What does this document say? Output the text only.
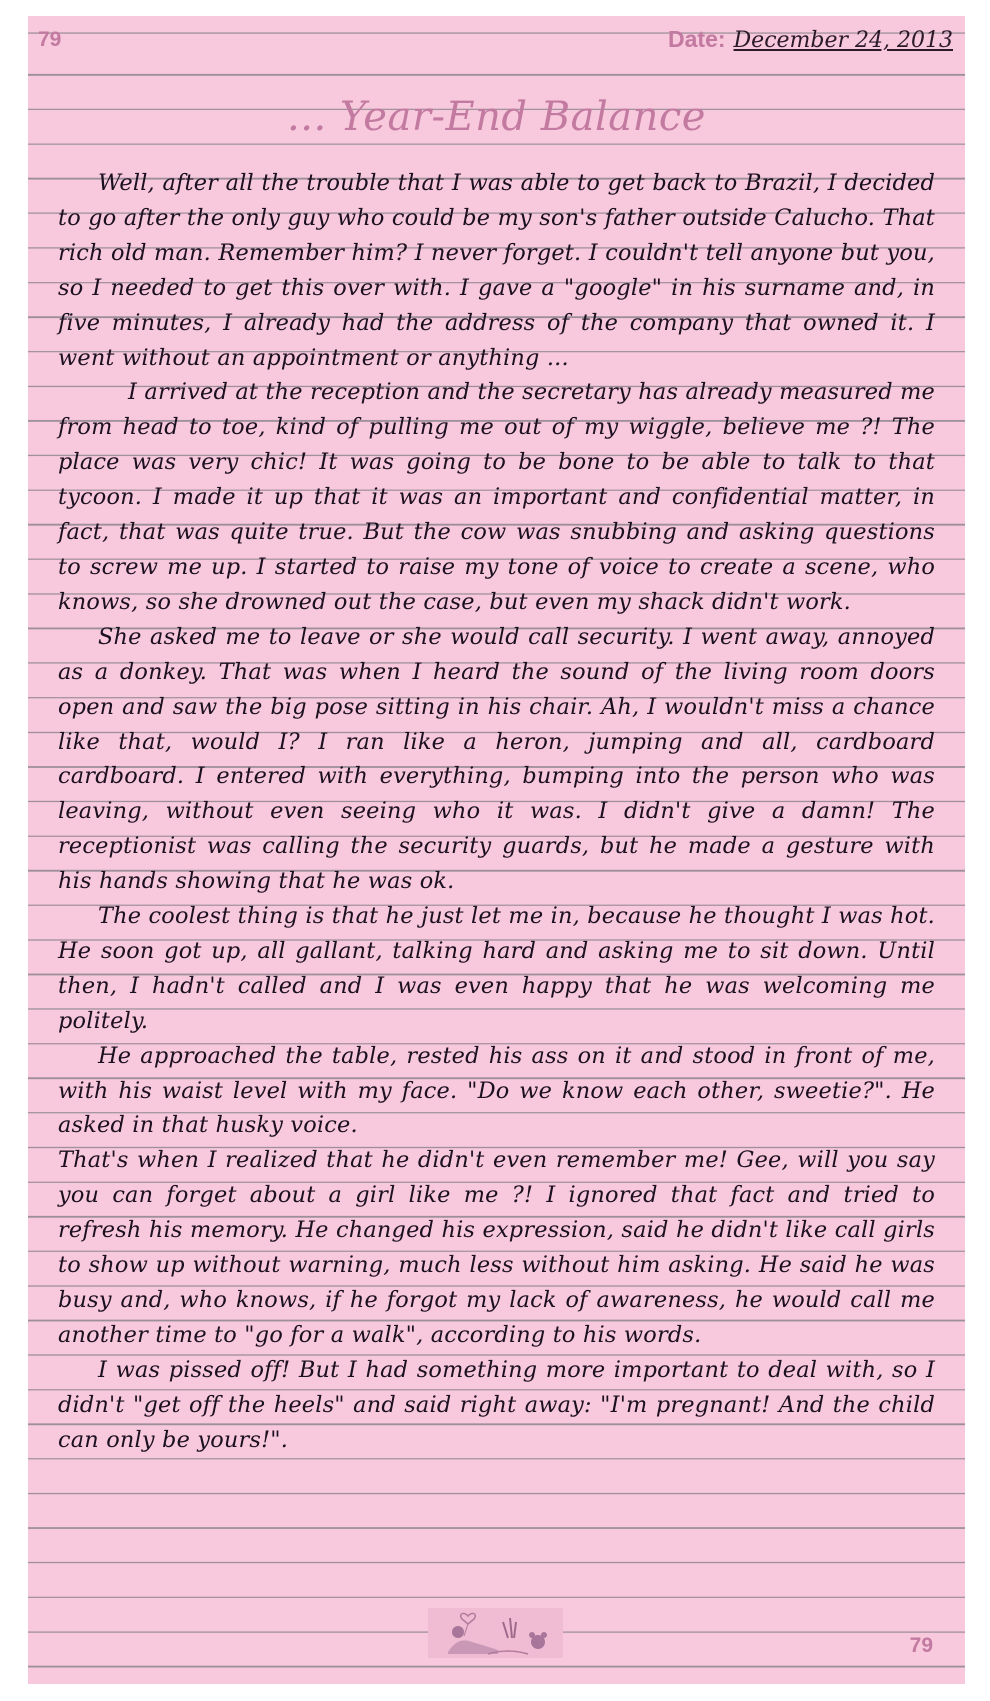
79	Date: December 24, 2013
... Year-End Balance

Well, after all the trouble that I was able to get back to Brazil, I decided to go after the only guy who could be my son's father outside Calucho. That rich old man. Remember him? I never forget. I couldn't tell anyone but you, so I needed to get this over with. I gave a "google" in his surname and, in five minutes, I already had the address of the company that owned it. I went without an appointment or anything ...

I arrived at the reception and the secretary has already measured me from head to toe, kind of pulling me out of my wiggle, believe me ?! The place was very chic! It was going to be bone to be able to talk to that tycoon. I made it up that it was an important and confidential matter, in fact, that was quite true. But the cow was snubbing and asking questions to screw me up. I started to raise my tone of voice to create a scene, who knows, so she drowned out the case, but even my shack didn't work.

She asked me to leave or she would call security. I went away, annoyed as a donkey. That was when I heard the sound of the living room doors open and saw the big pose sitting in his chair. Ah, I wouldn't miss a chance like that, would I? I ran like a heron, jumping and all, cardboard cardboard. I entered with everything, bumping into the person who was leaving, without even seeing who it was. I didn't give a damn! The receptionist was calling the security guards, but he made a gesture with his hands showing that he was ok.

The coolest thing is that he just let me in, because he thought I was hot. He soon got up, all gallant, talking hard and asking me to sit down. Until then, I hadn't called and I was even happy that he was welcoming me politely.

He approached the table, rested his ass on it and stood in front of me, with his waist level with my face. "Do we know each other, sweetie?". He asked in that husky voice.

That's when I realized that he didn't even remember me! Gee, will you say you can forget about a girl like me ?! I ignored that fact and tried to refresh his memory. He changed his expression, said he didn't like call girls to show up without warning, much less without him asking. He said he was busy and, who knows, if he forgot my lack of awareness, he would call me another time to "go for a walk", according to his words.

I was pissed off! But I had something more important to deal with, so I didn't "get off the heels" and said right away: "I'm pregnant! And the child can only be yours!".

79
